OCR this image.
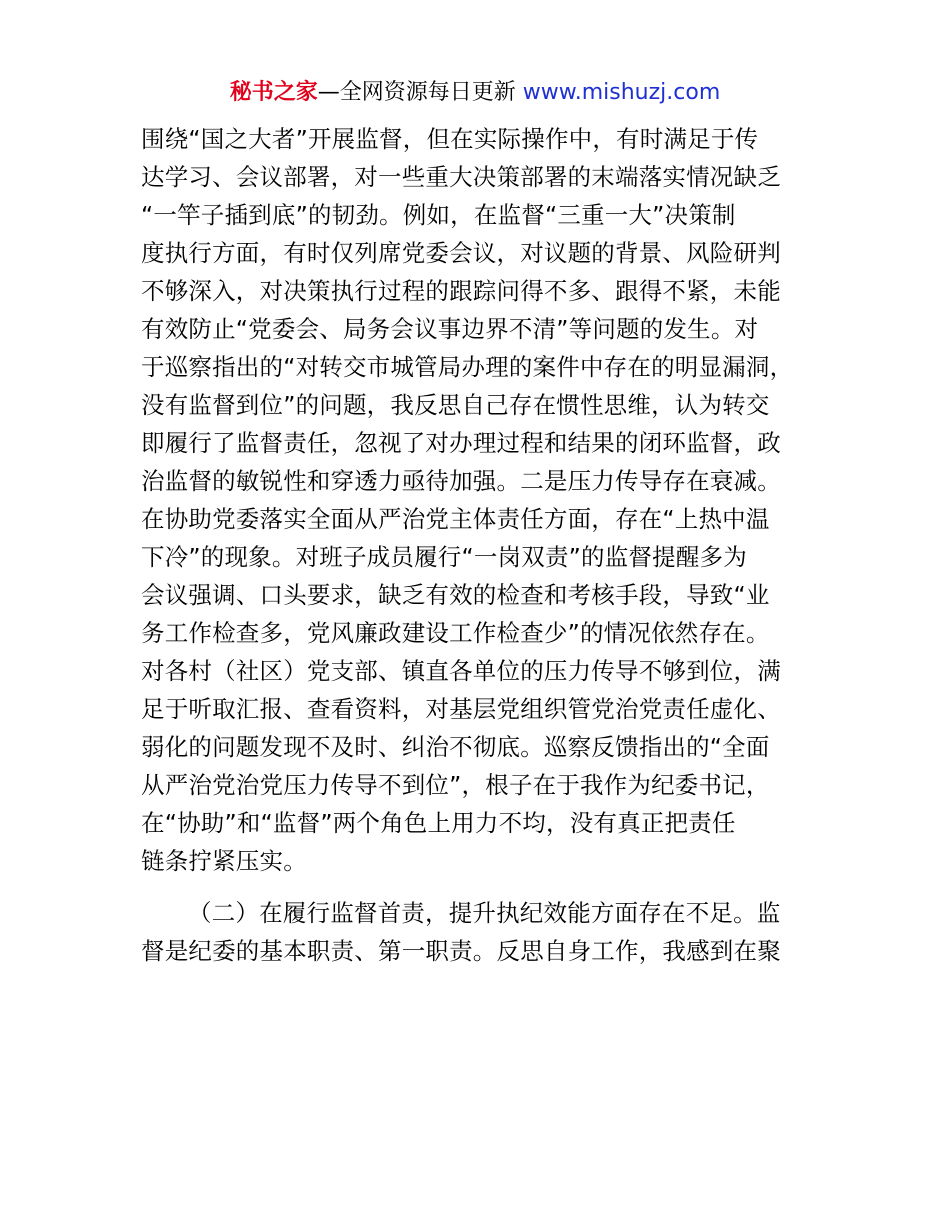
秘书之家—全网资源每日更新 www.mishuzj.com
围绕“国之大者”开展监督，但在实际操作中，有时满足于传
达学习、会议部署，对一些重大决策部署的末端落实情况缺乏
“一竿子插到底”的韧劲。例如，在监督“三重一大”决策制
度执行方面，有时仅列席党委会议，对议题的背景、风险研判
不够深入，对决策执行过程的跟踪问得不多、跟得不紧，未能
有效防止“党委会、局务会议事边界不清”等问题的发生。对
于巡察指出的“对转交市城管局办理的案件中存在的明显漏洞，
没有监督到位”的问题，我反思自己存在惯性思维，认为转交
即履行了监督责任，忽视了对办理过程和结果的闭环监督，政
治监督的敏锐性和穿透力亟待加强。二是压力传导存在衰减。
在协助党委落实全面从严治党主体责任方面，存在“上热中温
下冷”的现象。对班子成员履行“一岗双责”的监督提醒多为
会议强调、口头要求，缺乏有效的检查和考核手段，导致“业
务工作检查多，党风廉政建设工作检查少”的情况依然存在。
对各村（社区）党支部、镇直各单位的压力传导不够到位，满
足于听取汇报、查看资料，对基层党组织管党治党责任虚化、
弱化的问题发现不及时、纠治不彻底。巡察反馈指出的“全面
从严治党治党压力传导不到位”，根子在于我作为纪委书记，
在“协助”和“监督”两个角色上用力不均，没有真正把责任
链条拧紧压实。
（二）在履行监督首责，提升执纪效能方面存在不足。监
督是纪委的基本职责、第一职责。反思自身工作，我感到在聚
